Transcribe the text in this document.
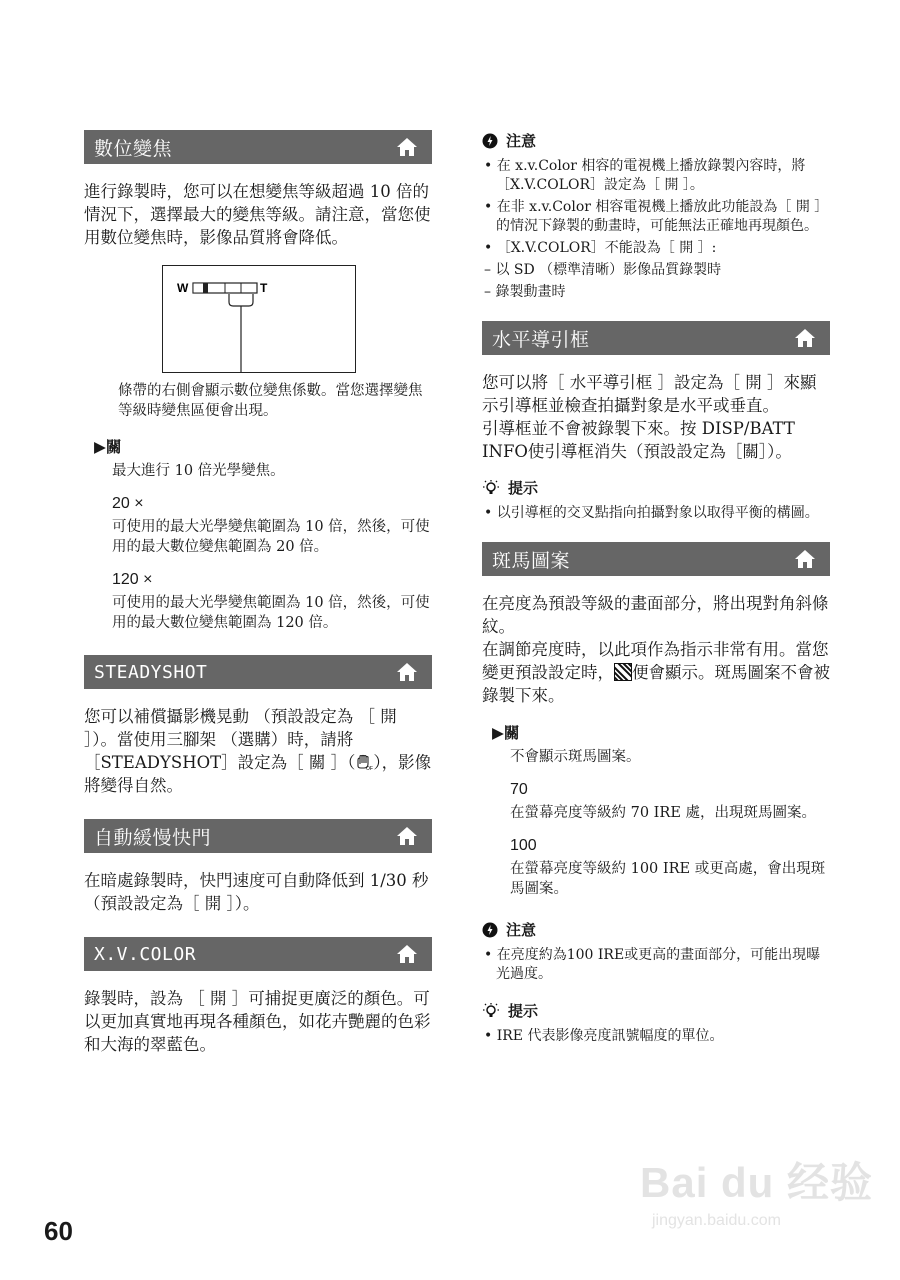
數位變焦

進行錄製時，您可以在想變焦等級超過 10 倍的情況下，選擇最大的變焦等級。請注意，當您使用數位變焦時，影像品質將會降低。

W	T
條帶的右側會顯示數位變焦係數。當您選擇變焦等級時變焦區便會出現。
▶關
最大進行 10 倍光學變焦。
20 ×
可使用的最大光學變焦範圍為 10 倍，然後，可使用的最大數位變焦範圍為 20 倍。
120 ×
可使用的最大光學變焦範圍為 10 倍，然後，可使用的最大數位變焦範圍為 120 倍。
STEADYSHOT

您可以補償攝影機晃動 （預設設定為 ［ 開 ］）。當使用三腳架 （選購）時，請將［STEADYSHOT］設定為［ 關 ］（ OF ），影像將變得自然。

自動緩慢快門

在暗處錄製時，快門速度可自動降低到 1/30 秒 （預設設定為［ 開 ］）。

X.V.COLOR

錄製時，設為 ［ 開 ］可捕捉更廣泛的顏色。可以更加真實地再現各種顏色，如花卉艷麗的色彩和大海的翠藍色。

注意
• 在 x.v.Color 相容的電視機上播放錄製內容時，將［X.V.COLOR］設定為［ 開 ］。
• 在非 x.v.Color 相容電視機上播放此功能設為［ 開 ］的情況下錄製的動畫時，可能無法正確地再現顏色。
• ［X.V.COLOR］不能設為［ 開 ］:
– 以 SD （標準清晰）影像品質錄製時
– 錄製動畫時
水平導引框

您可以將［ 水平導引框 ］設定為［ 開 ］來顯示引導框並檢查拍攝對象是水平或垂直。

引導框並不會被錄製下來。按 DISP/BATT INFO使引導框消失（預設設定為［關］）。

提示
• 以引導框的交叉點指向拍攝對象以取得平衡的構圖。
斑馬圖案

在亮度為預設等級的畫面部分，將出現對角斜條紋。

在調節亮度時，以此項作為指示非常有用。當您變更預設設定時， 便會顯示。斑馬圖案不會被錄製下來。

▶關
不會顯示斑馬圖案。
70
在螢幕亮度等級約 70 IRE 處，出現斑馬圖案。
100
在螢幕亮度等級約 100 IRE 或更高處，會出現斑馬圖案。
注意
• 在亮度約為100 IRE或更高的畫面部分，可能出現曝光過度。
提示
• IRE 代表影像亮度訊號幅度的單位。
Bai du 经验
jingyan.baidu.com
60
